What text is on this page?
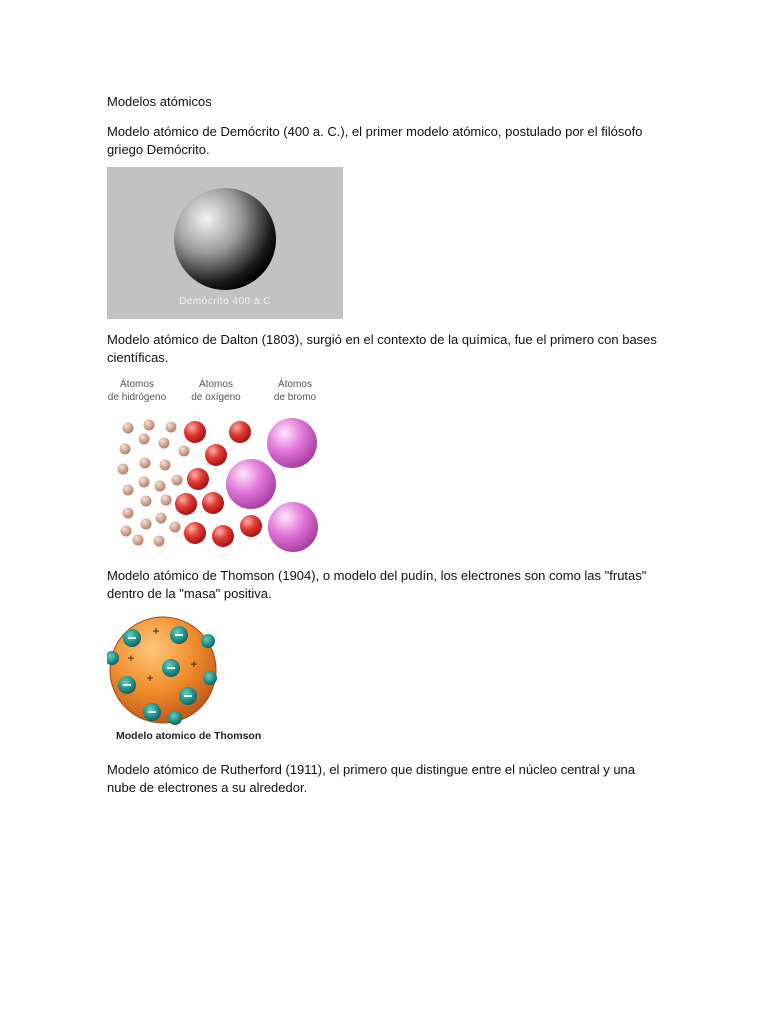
Modelos atómicos

Modelo atómico de Demócrito (400 a. C.), el primer modelo atómico, postulado por el filósofo griego Demócrito.

Demócrito 400 a.C

Modelo atómico de Dalton (1803), surgió en el contexto de la química, fue el primero con bases científicas.

Átomos
de hidrógeno
Átomos
de oxígeno
Átomos
de bromo

Modelo atómico de Thomson (1904), o modelo del pudín, los electrones son como las "frutas" dentro de la "masa" positiva.

+
+
+
+
Modelo atomico de Thomson

Modelo atómico de Rutherford (1911), el primero que distingue entre el núcleo central y una nube de electrones a su alrededor.
